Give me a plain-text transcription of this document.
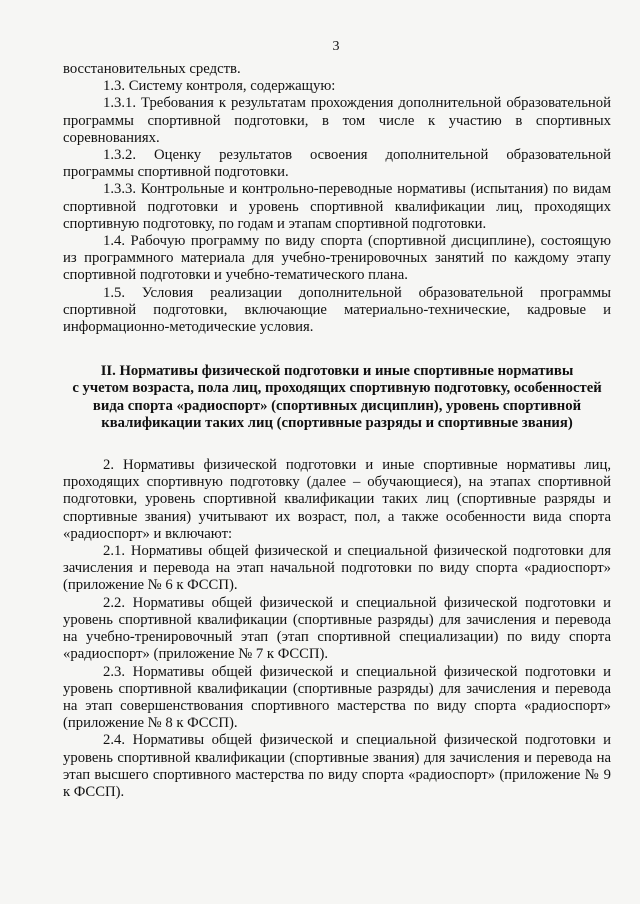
3

восстановительных средств.

1.3. Систему контроля, содержащую:

1.3.1. Требования к результатам прохождения дополнительной образовательной программы спортивной подготовки, в том числе к участию в спортивных соревнованиях.

1.3.2. Оценку результатов освоения дополнительной образовательной программы спортивной подготовки.

1.3.3. Контрольные и контрольно-переводные нормативы (испытания) по видам спортивной подготовки и уровень спортивной квалификации лиц, проходящих спортивную подготовку, по годам и этапам спортивной подготовки.

1.4. Рабочую программу по виду спорта (спортивной дисциплине), состоящую из программного материала для учебно-тренировочных занятий по каждому этапу спортивной подготовки и учебно-тематического плана.

1.5. Условия реализации дополнительной образовательной программы спортивной подготовки, включающие материально-технические, кадровые и информационно-методические условия.

II. Нормативы физической подготовки и иные спортивные нормативы
с учетом возраста, пола лиц, проходящих спортивную подготовку, особенностей
вида спорта «радиоспорт» (спортивных дисциплин), уровень спортивной
квалификации таких лиц (спортивные разряды и спортивные звания)

2. Нормативы физической подготовки и иные спортивные нормативы лиц, проходящих спортивную подготовку (далее – обучающиеся), на этапах спортивной подготовки, уровень спортивной квалификации таких лиц (спортивные разряды и спортивные звания) учитывают их возраст, пол, а также особенности вида спорта «радиоспорт» и включают:

2.1. Нормативы общей физической и специальной физической подготовки для зачисления и перевода на этап начальной подготовки по виду спорта «радиоспорт» (приложение № 6 к ФССП).

2.2. Нормативы общей физической и специальной физической подготовки и уровень спортивной квалификации (спортивные разряды) для зачисления и перевода на учебно-тренировочный этап (этап спортивной специализации) по виду спорта «радиоспорт» (приложение № 7 к ФССП).

2.3. Нормативы общей физической и специальной физической подготовки и уровень спортивной квалификации (спортивные разряды) для зачисления и перевода на этап совершенствования спортивного мастерства по виду спорта «радиоспорт» (приложение № 8 к ФССП).

2.4. Нормативы общей физической и специальной физической подготовки и уровень спортивной квалификации (спортивные звания) для зачисления и перевода на этап высшего спортивного мастерства по виду спорта «радиоспорт» (приложение № 9 к ФССП).
